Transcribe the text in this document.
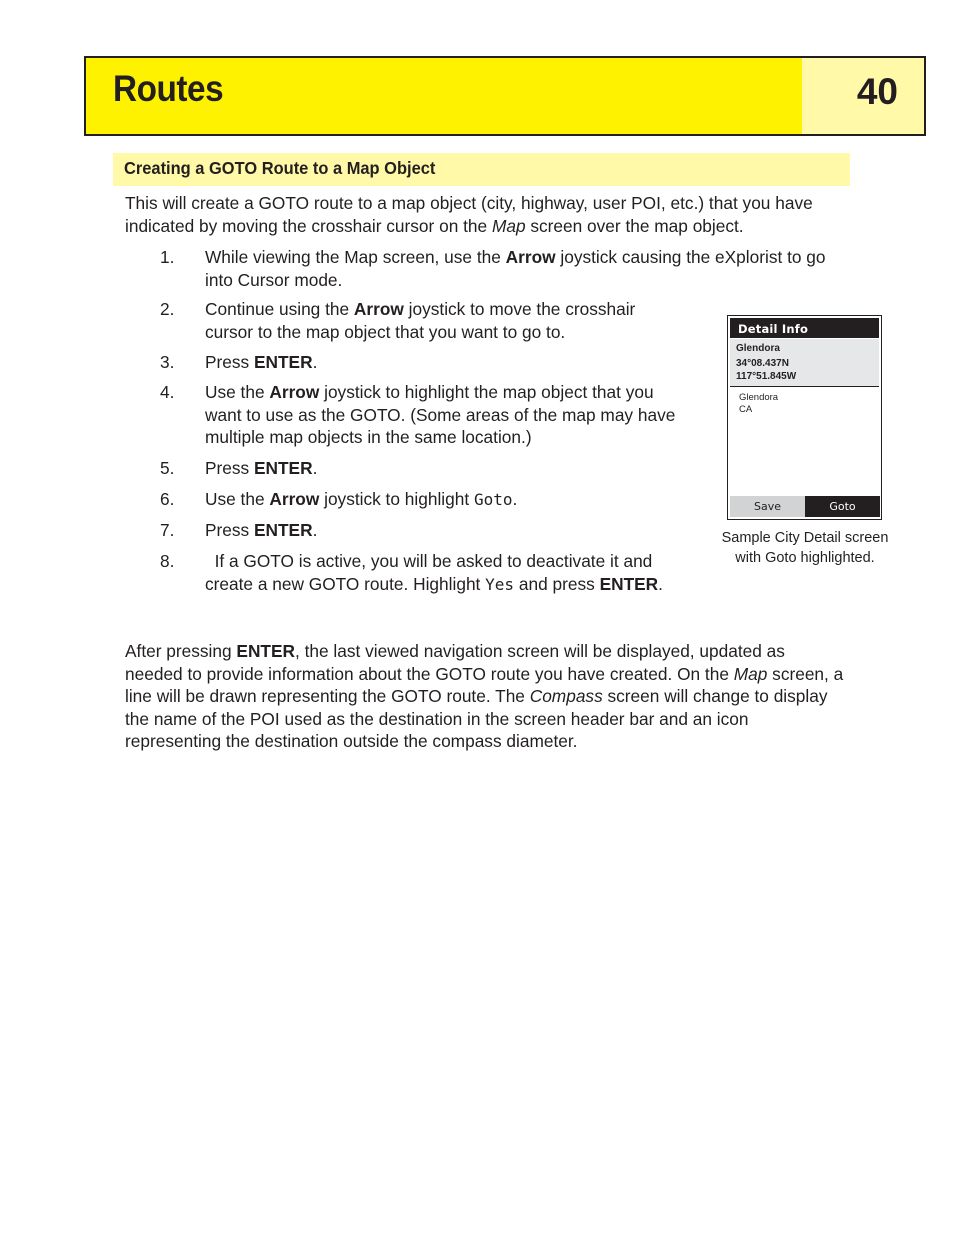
Routes	40
Creating a GOTO Route to a Map Object
This will create a GOTO route to a map object (city, highway, user POI, etc.) that you have
indicated by moving the crosshair cursor on the Map screen over the map object.
1. While viewing the Map screen, use the Arrow joystick causing the eXplorist to go
into Cursor mode.
2. Continue using the Arrow joystick to move the crosshair
cursor to the map object that you want to go to.
3. Press ENTER.
4. Use the Arrow joystick to highlight the map object that you
want to use as the GOTO. (Some areas of the map may have
multiple map objects in the same location.)
5. Press ENTER.
6. Use the Arrow joystick to highlight Goto.
7. Press ENTER.
8. If a GOTO is active, you will be asked to deactivate it and
create a new GOTO route. Highlight Yes and press ENTER.
Detail Info
Glendora
34°08.437N
117°51.845W
Glendora
CA
Save	Goto
Sample City Detail screen
with Goto highlighted.
After pressing ENTER, the last viewed navigation screen will be displayed, updated as
needed to provide information about the GOTO route you have created. On the Map screen, a
line will be drawn representing the GOTO route. The Compass screen will change to display
the name of the POI used as the destination in the screen header bar and an icon
representing the destination outside the compass diameter.
